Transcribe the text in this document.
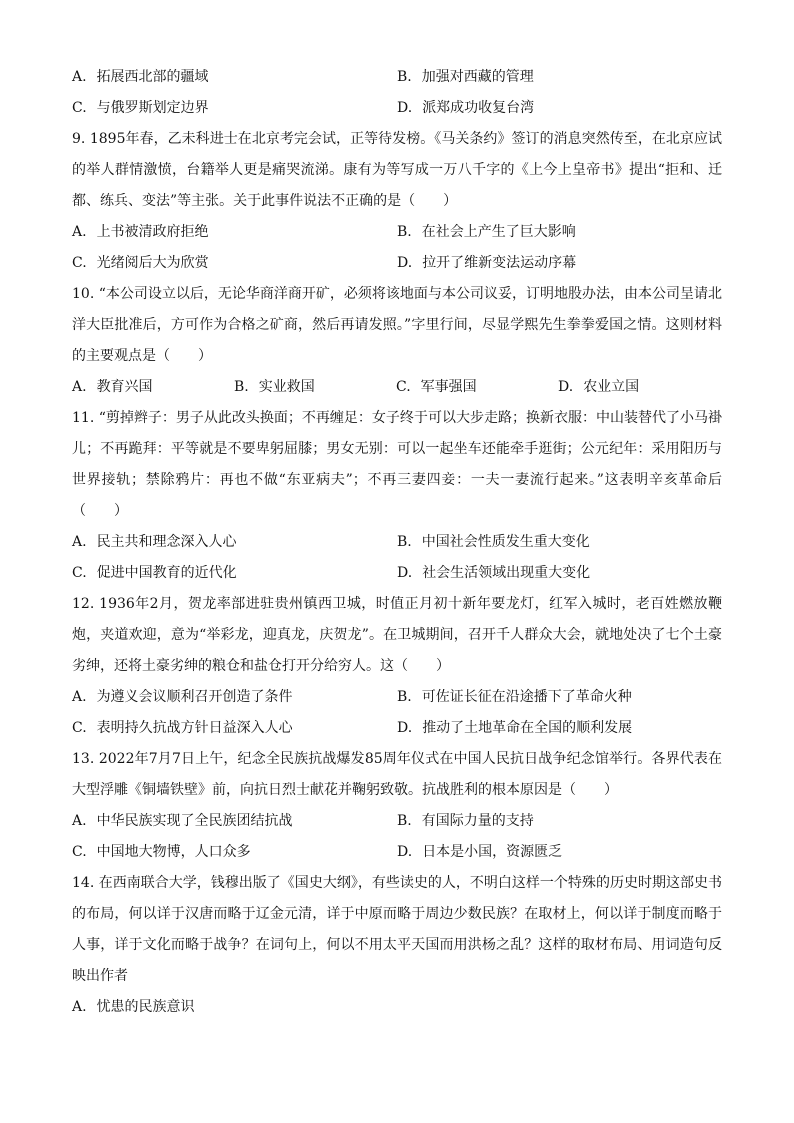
A. 拓展西北部的疆域	B. 加强对西藏的管理
C. 与俄罗斯划定边界	D. 派郑成功收复台湾

9. 1895年春，乙未科进士在北京考完会试，正等待发榜。《马关条约》签订的消息突然传至，在北京应试的举人群情激愤，台籍举人更是痛哭流涕。康有为等写成一万八千字的《上今上皇帝书》提出“拒和、迁都、练兵、变法”等主张。关于此事件说法不正确的是（　　）

A. 上书被清政府拒绝	B. 在社会上产生了巨大影响
C. 光绪阅后大为欣赏	D. 拉开了维新变法运动序幕

10. “本公司设立以后，无论华商洋商开矿，必须将该地面与本公司议妥，订明地股办法，由本公司呈请北洋大臣批准后，方可作为合格之矿商，然后再请发照。”字里行间，尽显学熙先生拳拳爱国之情。这则材料的主要观点是（　　）

A. 教育兴国	B. 实业救国	C. 军事强国	D. 农业立国

11. “剪掉辫子：男子从此改头换面；不再缠足：女子终于可以大步走路；换新衣服：中山装替代了小马褂儿；不再跪拜：平等就是不要卑躬屈膝；男女无别：可以一起坐车还能牵手逛街；公元纪年：采用阳历与世界接轨；禁除鸦片：再也不做“东亚病夫”；不再三妻四妾：一夫一妻流行起来。”这表明辛亥革命后（　　）

A. 民主共和理念深入人心	B. 中国社会性质发生重大变化
C. 促进中国教育的近代化	D. 社会生活领域出现重大变化

12. 1936年2月，贺龙率部进驻贵州镇西卫城，时值正月初十新年要龙灯，红军入城时，老百姓燃放鞭炮，夹道欢迎，意为“举彩龙，迎真龙，庆贺龙”。在卫城期间，召开千人群众大会，就地处决了七个土豪劣绅，还将土豪劣绅的粮仓和盐仓打开分给穷人。这（　　）

A. 为遵义会议顺利召开创造了条件	B. 可佐证长征在沿途播下了革命火种
C. 表明持久抗战方针日益深入人心	D. 推动了土地革命在全国的顺利发展

13. 2022年7月7日上午，纪念全民族抗战爆发85周年仪式在中国人民抗日战争纪念馆举行。各界代表在大型浮雕《铜墙铁壁》前，向抗日烈士献花并鞠躬致敬。抗战胜利的根本原因是（　　）

A. 中华民族实现了全民族团结抗战	B. 有国际力量的支持
C. 中国地大物博，人口众多	D. 日本是小国，资源匮乏

14. 在西南联合大学，钱穆出版了《国史大纲》，有些读史的人，不明白这样一个特殊的历史时期这部史书的布局，何以详于汉唐而略于辽金元清，详于中原而略于周边少数民族？在取材上，何以详于制度而略于人事，详于文化而略于战争？在词句上，何以不用太平天国而用洪杨之乱？这样的取材布局、用词造句反映出作者

A. 忧患的民族意识
